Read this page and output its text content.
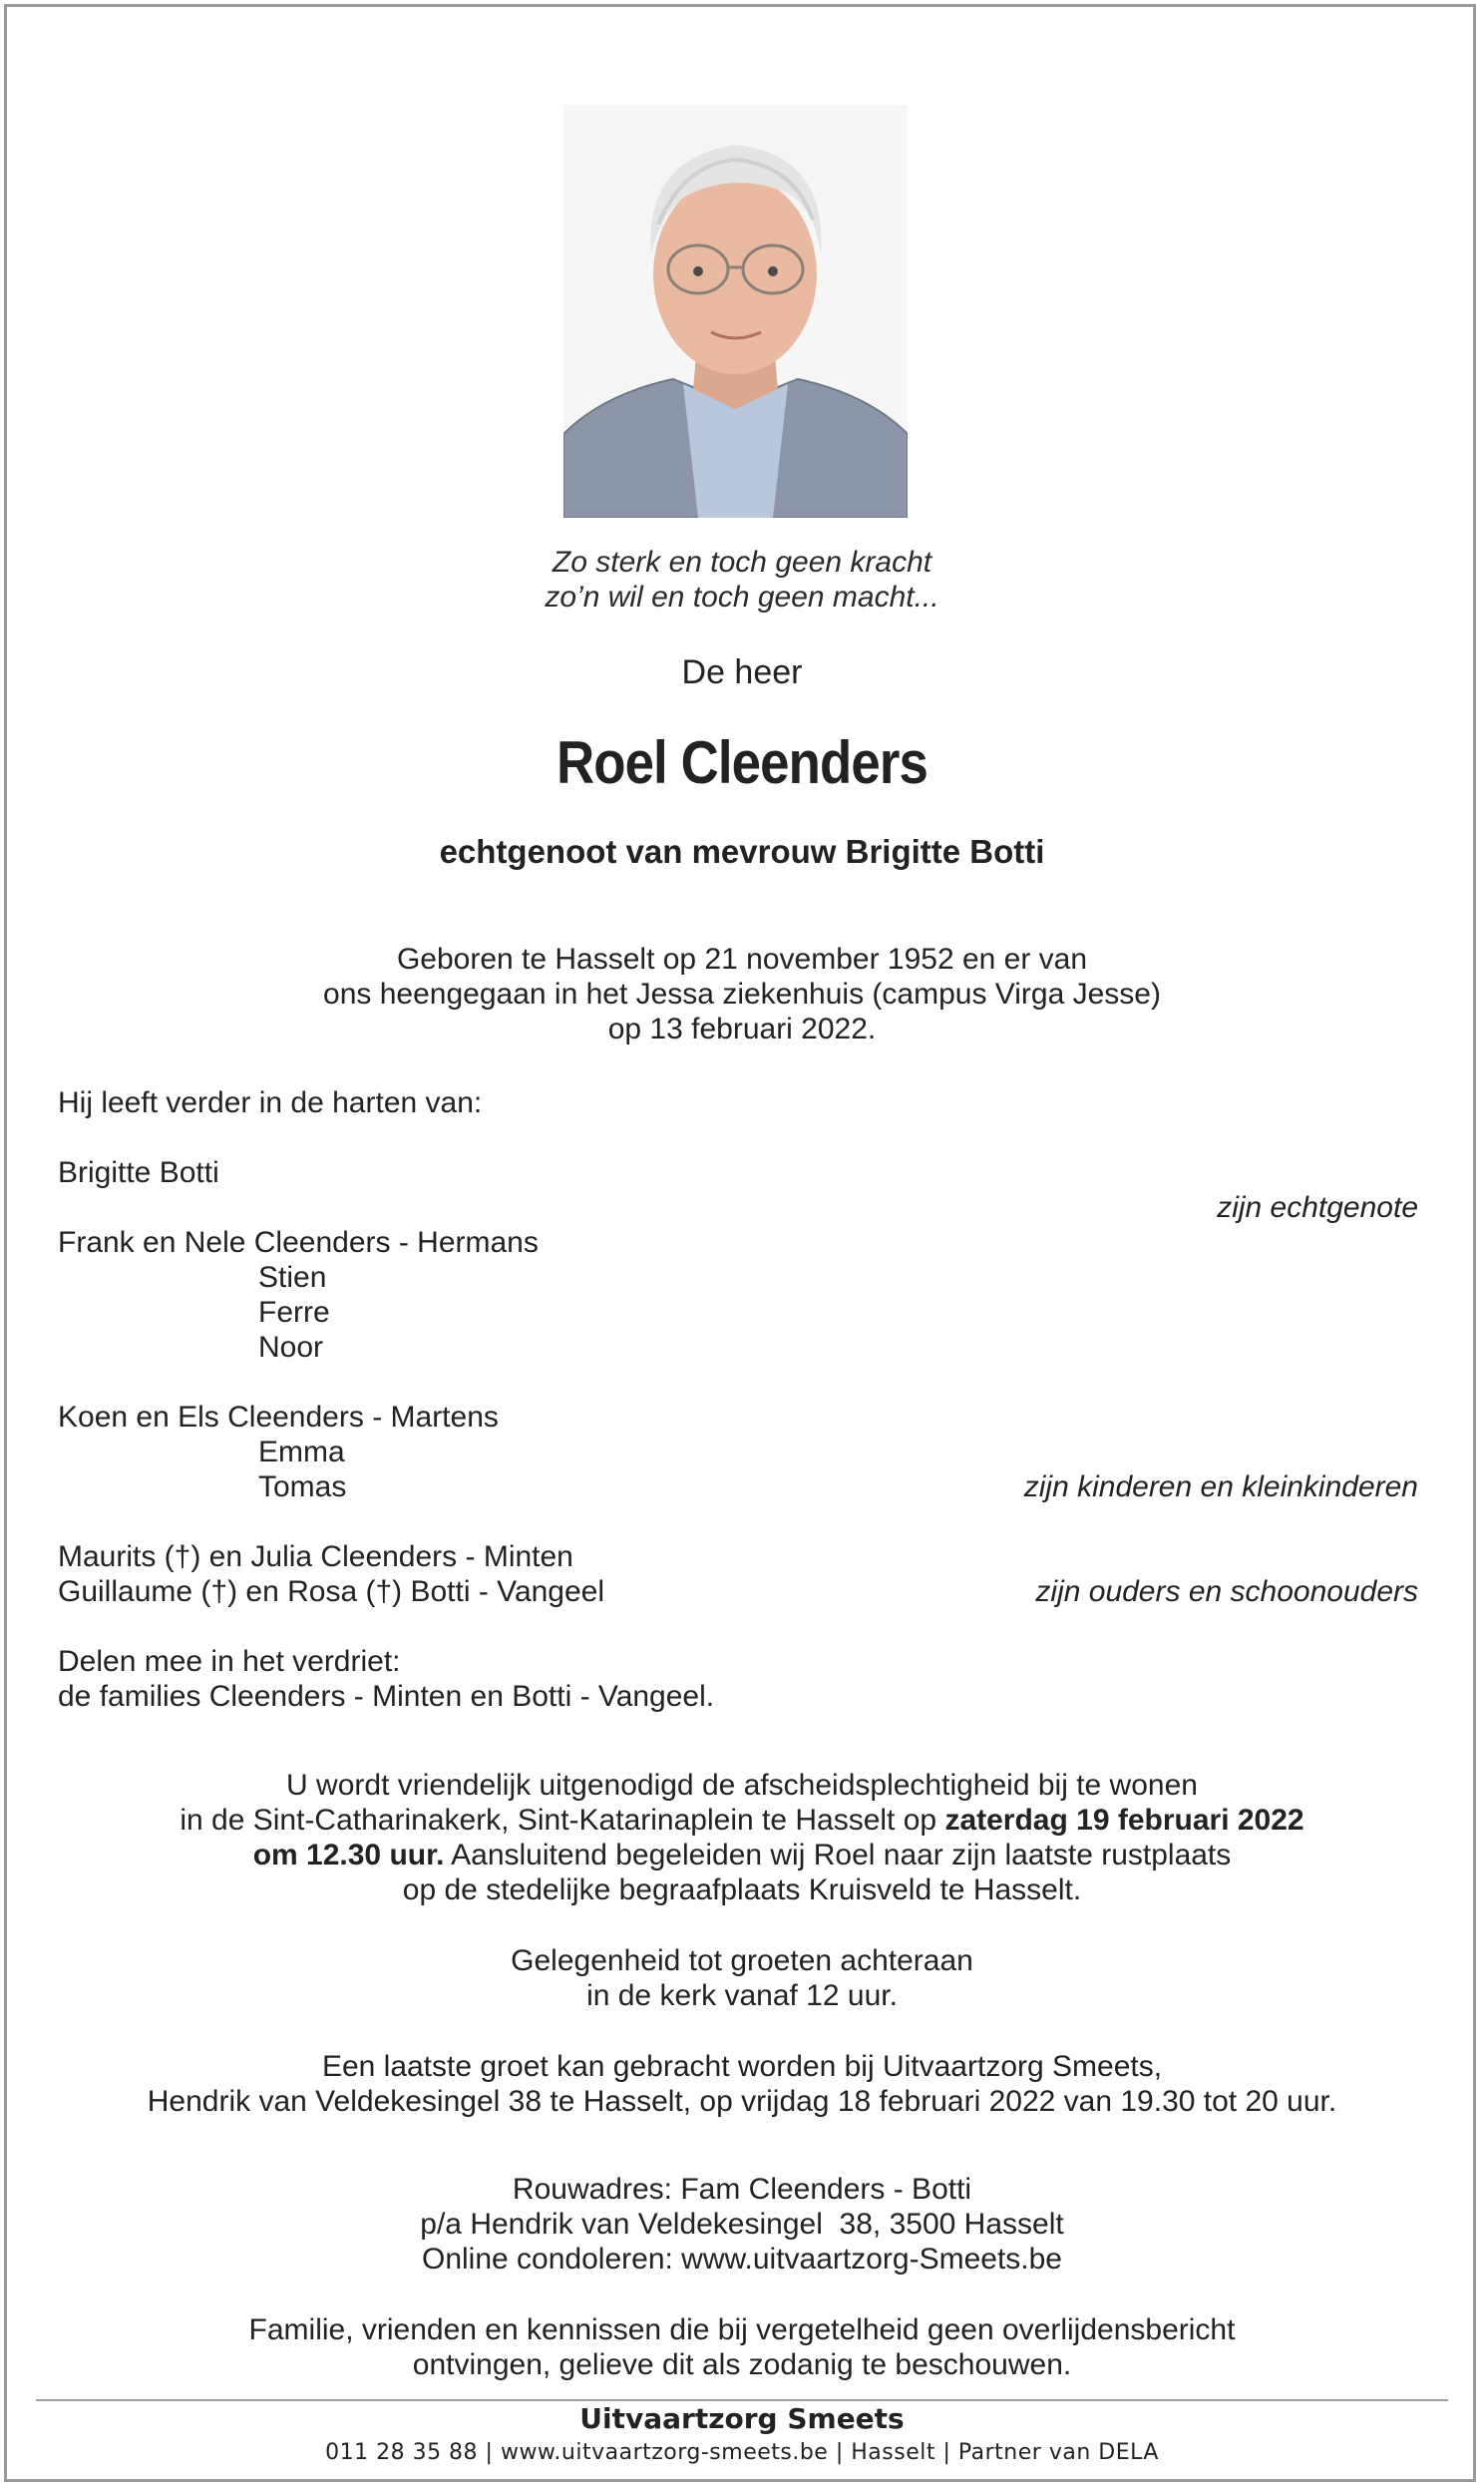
Zo sterk en toch geen kracht
zo’n wil en toch geen macht...
De heer
Roel Cleenders
echtgenoot van mevrouw Brigitte Botti
Geboren te Hasselt op 21 november 1952 en er van
ons heengegaan in het Jessa ziekenhuis (campus Virga Jesse)
op 13 februari 2022.
Hij leeft verder in de harten van:
Brigitte Botti
zijn echtgenote
Frank en Nele Cleenders - Hermans
Stien
Ferre
Noor
Koen en Els Cleenders - Martens
Emma
Tomas	zijn kinderen en kleinkinderen
Maurits (†) en Julia Cleenders - Minten
Guillaume (†) en Rosa (†) Botti - Vangeel	zijn ouders en schoonouders
Delen mee in het verdriet:
de families Cleenders - Minten en Botti - Vangeel.
U wordt vriendelijk uitgenodigd de afscheidsplechtigheid bij te wonen
in de Sint-Catharinakerk, Sint-Katarinaplein te Hasselt op zaterdag 19 februari 2022
om 12.30 uur. Aansluitend begeleiden wij Roel naar zijn laatste rustplaats
op de stedelijke begraafplaats Kruisveld te Hasselt.
Gelegenheid tot groeten achteraan
in de kerk vanaf 12 uur.
Een laatste groet kan gebracht worden bij Uitvaartzorg Smeets,
Hendrik van Veldekesingel 38 te Hasselt, op vrijdag 18 februari 2022 van 19.30 tot 20 uur.
Rouwadres: Fam Cleenders - Botti
p/a Hendrik van Veldekesingel  38, 3500 Hasselt
Online condoleren: www.uitvaartzorg-Smeets.be
Familie, vrienden en kennissen die bij vergetelheid geen overlijdensbericht
ontvingen, gelieve dit als zodanig te beschouwen.
Uitvaartzorg Smeets
011 28 35 88 | www.uitvaartzorg-smeets.be | Hasselt | Partner van DELA
